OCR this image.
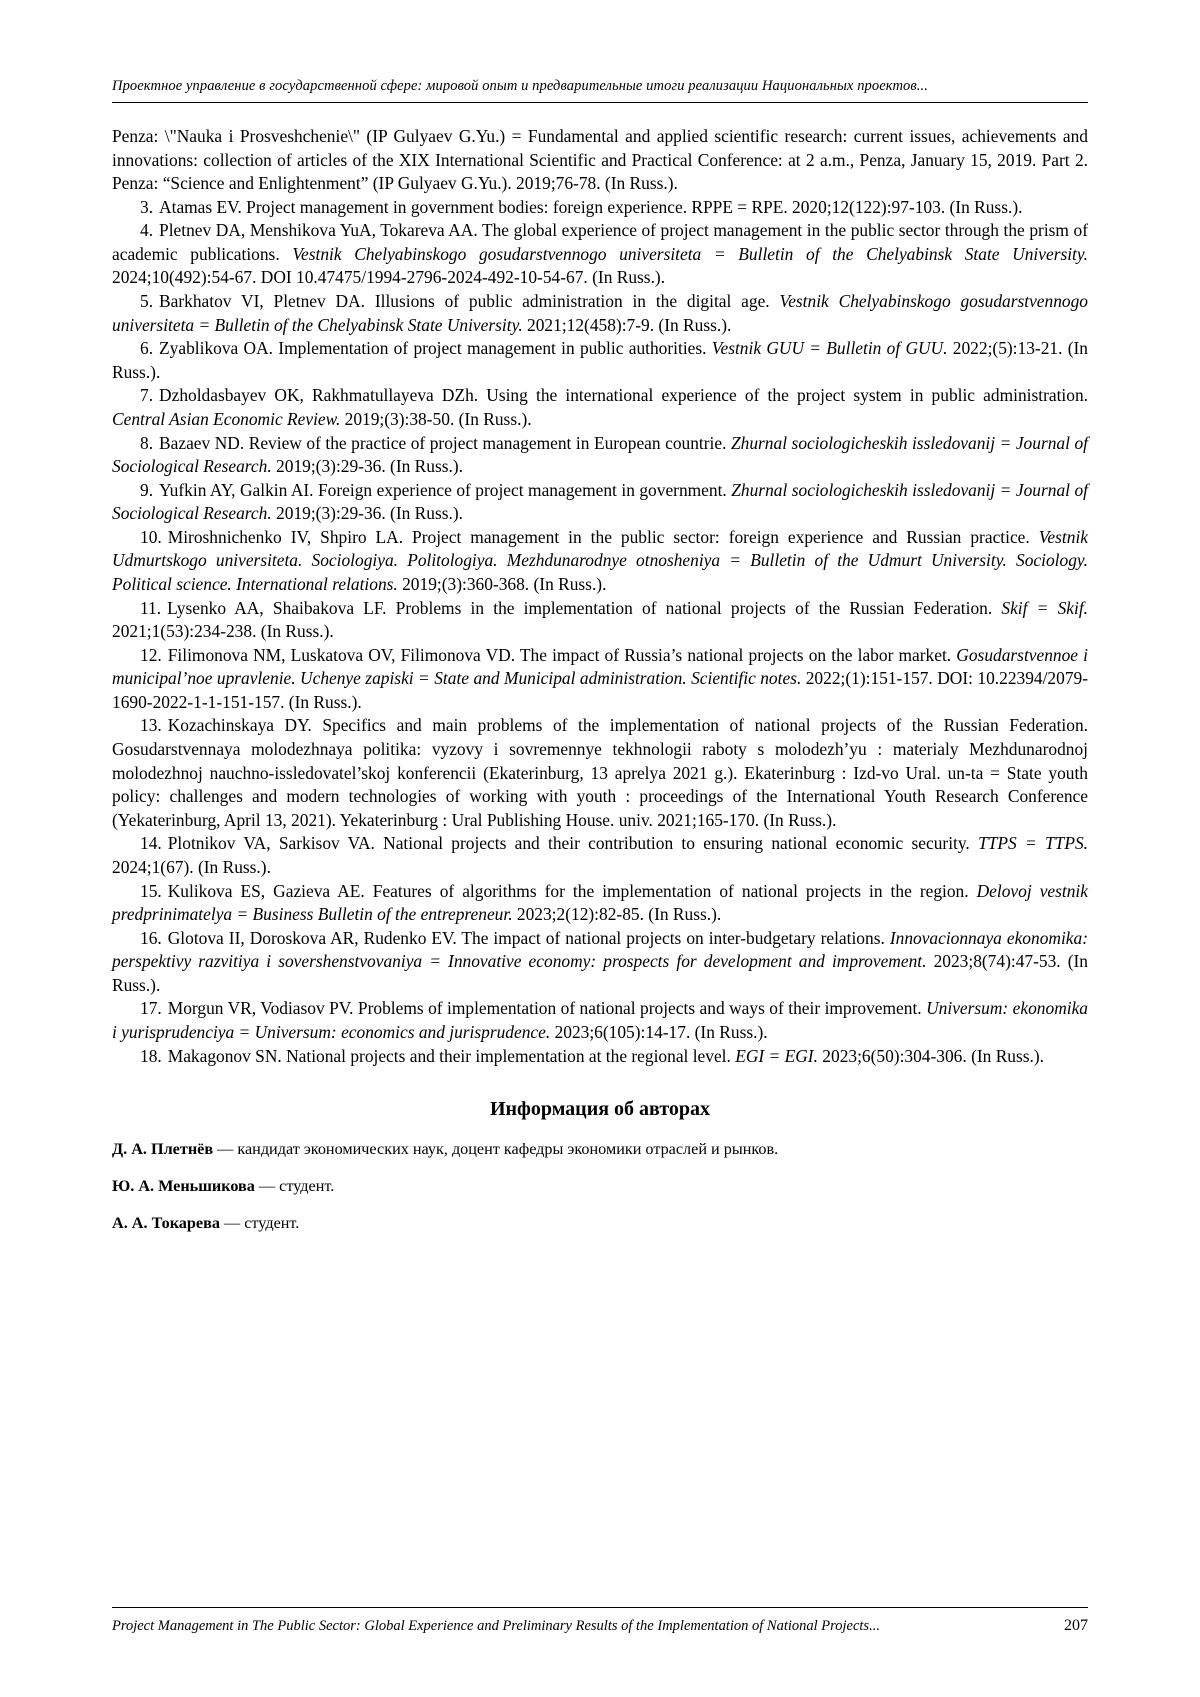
Проектное управление в государственной сфере: мировой опыт и предварительные итоги реализации Национальных проектов...

Penza: \"Nauka i Prosveshchenie\" (IP Gulyaev G.Yu.) = Fundamental and applied scientific research: current issues, achievements and innovations: collection of articles of the XIX International Scientific and Practical Conference: at 2 a.m., Penza, January 15, 2019. Part 2. Penza: “Science and Enlightenment” (IP Gulyaev G.Yu.). 2019;76-78. (In Russ.).

3. Atamas EV. Project management in government bodies: foreign experience. RPPE = RPE. 2020;12(122):97-103. (In Russ.).

4. Pletnev DA, Menshikova YuA, Tokareva AA. The global experience of project management in the public sector through the prism of academic publications. Vestnik Chelyabinskogo gosudarstvennogo universiteta = Bulletin of the Chelyabinsk State University. 2024;10(492):54-67. DOI 10.47475/1994-2796-2024-492-10-54-67. (In Russ.).

5. Barkhatov VI, Pletnev DA. Illusions of public administration in the digital age. Vestnik Chelyabinskogo gosudarstvennogo universiteta = Bulletin of the Chelyabinsk State University. 2021;12(458):7-9. (In Russ.).

6. Zyablikova OA. Implementation of project management in public authorities. Vestnik GUU = Bulletin of GUU. 2022;(5):13-21. (In Russ.).

7. Dzholdasbayev OK, Rakhmatullayeva DZh. Using the international experience of the project system in public administration. Central Asian Economic Review. 2019;(3):38-50. (In Russ.).

8. Bazaev ND. Review of the practice of project management in European countrie. Zhurnal sociologicheskih issledovanij = Journal of Sociological Research. 2019;(3):29-36. (In Russ.).

9. Yufkin AY, Galkin AI. Foreign experience of project management in government. Zhurnal sociologicheskih issledovanij = Journal of Sociological Research. 2019;(3):29-36. (In Russ.).

10. Miroshnichenko IV, Shpiro LA. Project management in the public sector: foreign experience and Russian practice. Vestnik Udmurtskogo universiteta. Sociologiya. Politologiya. Mezhdunarodnye otnosheniya = Bulletin of the Udmurt University. Sociology. Political science. International relations. 2019;(3):360-368. (In Russ.).

11. Lysenko AA, Shaibakova LF. Problems in the implementation of national projects of the Russian Federation. Skif = Skif. 2021;1(53):234-238. (In Russ.).

12. Filimonova NM, Luskatova OV, Filimonova VD. The impact of Russia’s national projects on the labor market. Gosudarstvennoe i municipal’noe upravlenie. Uchenye zapiski = State and Municipal administration. Scientific notes. 2022;(1):151-157. DOI: 10.22394/2079-1690-2022-1-1-151-157. (In Russ.).

13. Kozachinskaya DY. Specifics and main problems of the implementation of national projects of the Russian Federation. Gosudarstvennaya molodezhnaya politika: vyzovy i sovremennye tekhnologii raboty s molodezh’yu : materialy Mezhdunarodnoj molodezhnoj nauchno-issledovatel’skoj konferencii (Ekaterinburg, 13 aprelya 2021 g.). Ekaterinburg : Izd-vo Ural. un-ta = State youth policy: challenges and modern technologies of working with youth : proceedings of the International Youth Research Conference (Yekaterinburg, April 13, 2021). Yekaterinburg : Ural Publishing House. univ. 2021;165-170. (In Russ.).

14. Plotnikov VA, Sarkisov VA. National projects and their contribution to ensuring national economic security. TTPS = TTPS. 2024;1(67). (In Russ.).

15. Kulikova ES, Gazieva AE. Features of algorithms for the implementation of national projects in the region. Delovoj vestnik predprinimatelya = Business Bulletin of the entrepreneur. 2023;2(12):82-85. (In Russ.).

16. Glotova II, Doroskova AR, Rudenko EV. The impact of national projects on inter-budgetary relations. Innovacionnaya ekonomika: perspektivy razvitiya i sovershenstvovaniya = Innovative economy: prospects for development and improvement. 2023;8(74):47-53. (In Russ.).

17. Morgun VR, Vodiasov PV. Problems of implementation of national projects and ways of their improvement. Universum: ekonomika i yurisprudenciya = Universum: economics and jurisprudence. 2023;6(105):14-17. (In Russ.).

18. Makagonov SN. National projects and their implementation at the regional level. EGI = EGI. 2023;6(50):304-306. (In Russ.).

Информация об авторах

Д. А. Плетнёв — кандидат экономических наук, доцент кафедры экономики отраслей и рынков.

Ю. А. Меньшикова — студент.

А. А. Токарева — студент.

Project Management in The Public Sector: Global Experience and Preliminary Results of the Implementation of National Projects...	207
